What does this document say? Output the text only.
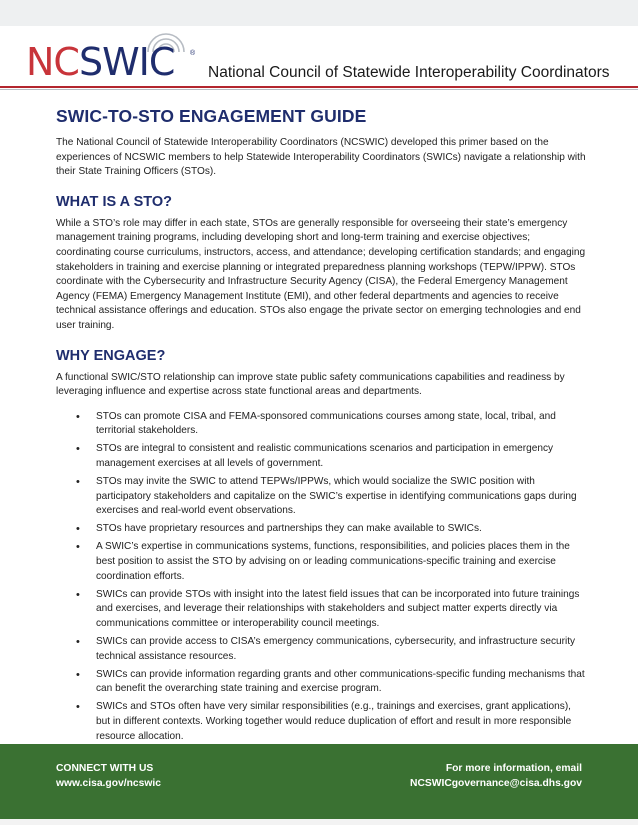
NCSWIC ®
National Council of Statewide Interoperability Coordinators
SWIC-TO-STO ENGAGEMENT GUIDE

The National Council of Statewide Interoperability Coordinators (NCSWIC) developed this primer based on the experiences of NCSWIC members to help Statewide Interoperability Coordinators (SWICs) navigate a relationship with their State Training Officers (STOs).

WHAT IS A STO?

While a STO’s role may differ in each state, STOs are generally responsible for overseeing their state’s emergency management training programs, including developing short and long-term training and exercise objectives; coordinating course curriculums, instructors, access, and attendance; developing certification standards; and engaging stakeholders in training and exercise planning or integrated preparedness planning workshops (TEPW/IPPW). STOs coordinate with the Cybersecurity and Infrastructure Security Agency (CISA), the Federal Emergency Management Agency (FEMA) Emergency Management Institute (EMI), and other federal departments and agencies to receive technical assistance offerings and education. STOs also engage the private sector on emerging technologies and end user training.

WHY ENGAGE?

A functional SWIC/STO relationship can improve state public safety communications capabilities and readiness by leveraging influence and expertise across state functional areas and departments.

• STOs can promote CISA and FEMA-sponsored communications courses among state, local, tribal, and territorial stakeholders.
• STOs are integral to consistent and realistic communications scenarios and participation in emergency management exercises at all levels of government.
• STOs may invite the SWIC to attend TEPWs/IPPWs, which would socialize the SWIC position with participatory stakeholders and capitalize on the SWIC’s expertise in identifying communications gaps during exercises and real-world event observations.
• STOs have proprietary resources and partnerships they can make available to SWICs.
• A SWIC’s expertise in communications systems, functions, responsibilities, and policies places them in the best position to assist the STO by advising on or leading communications-specific training and exercise coordination efforts.
• SWICs can provide STOs with insight into the latest field issues that can be incorporated into future trainings and exercises, and leverage their relationships with stakeholders and subject matter experts directly via communications committee or interoperability council meetings.
• SWICs can provide access to CISA’s emergency communications, cybersecurity, and infrastructure security technical assistance resources.
• SWICs can provide information regarding grants and other communications-specific funding mechanisms that can benefit the overarching state training and exercise program.
• SWICs and STOs often have very similar responsibilities (e.g., trainings and exercises, grant applications), but in different contexts. Working together would reduce duplication of effort and result in more responsible resource allocation.
o
CONNECT WITH US
www.cisa.gov/ncswic
For more information, email
NCSWICgovernance@cisa.dhs.gov
